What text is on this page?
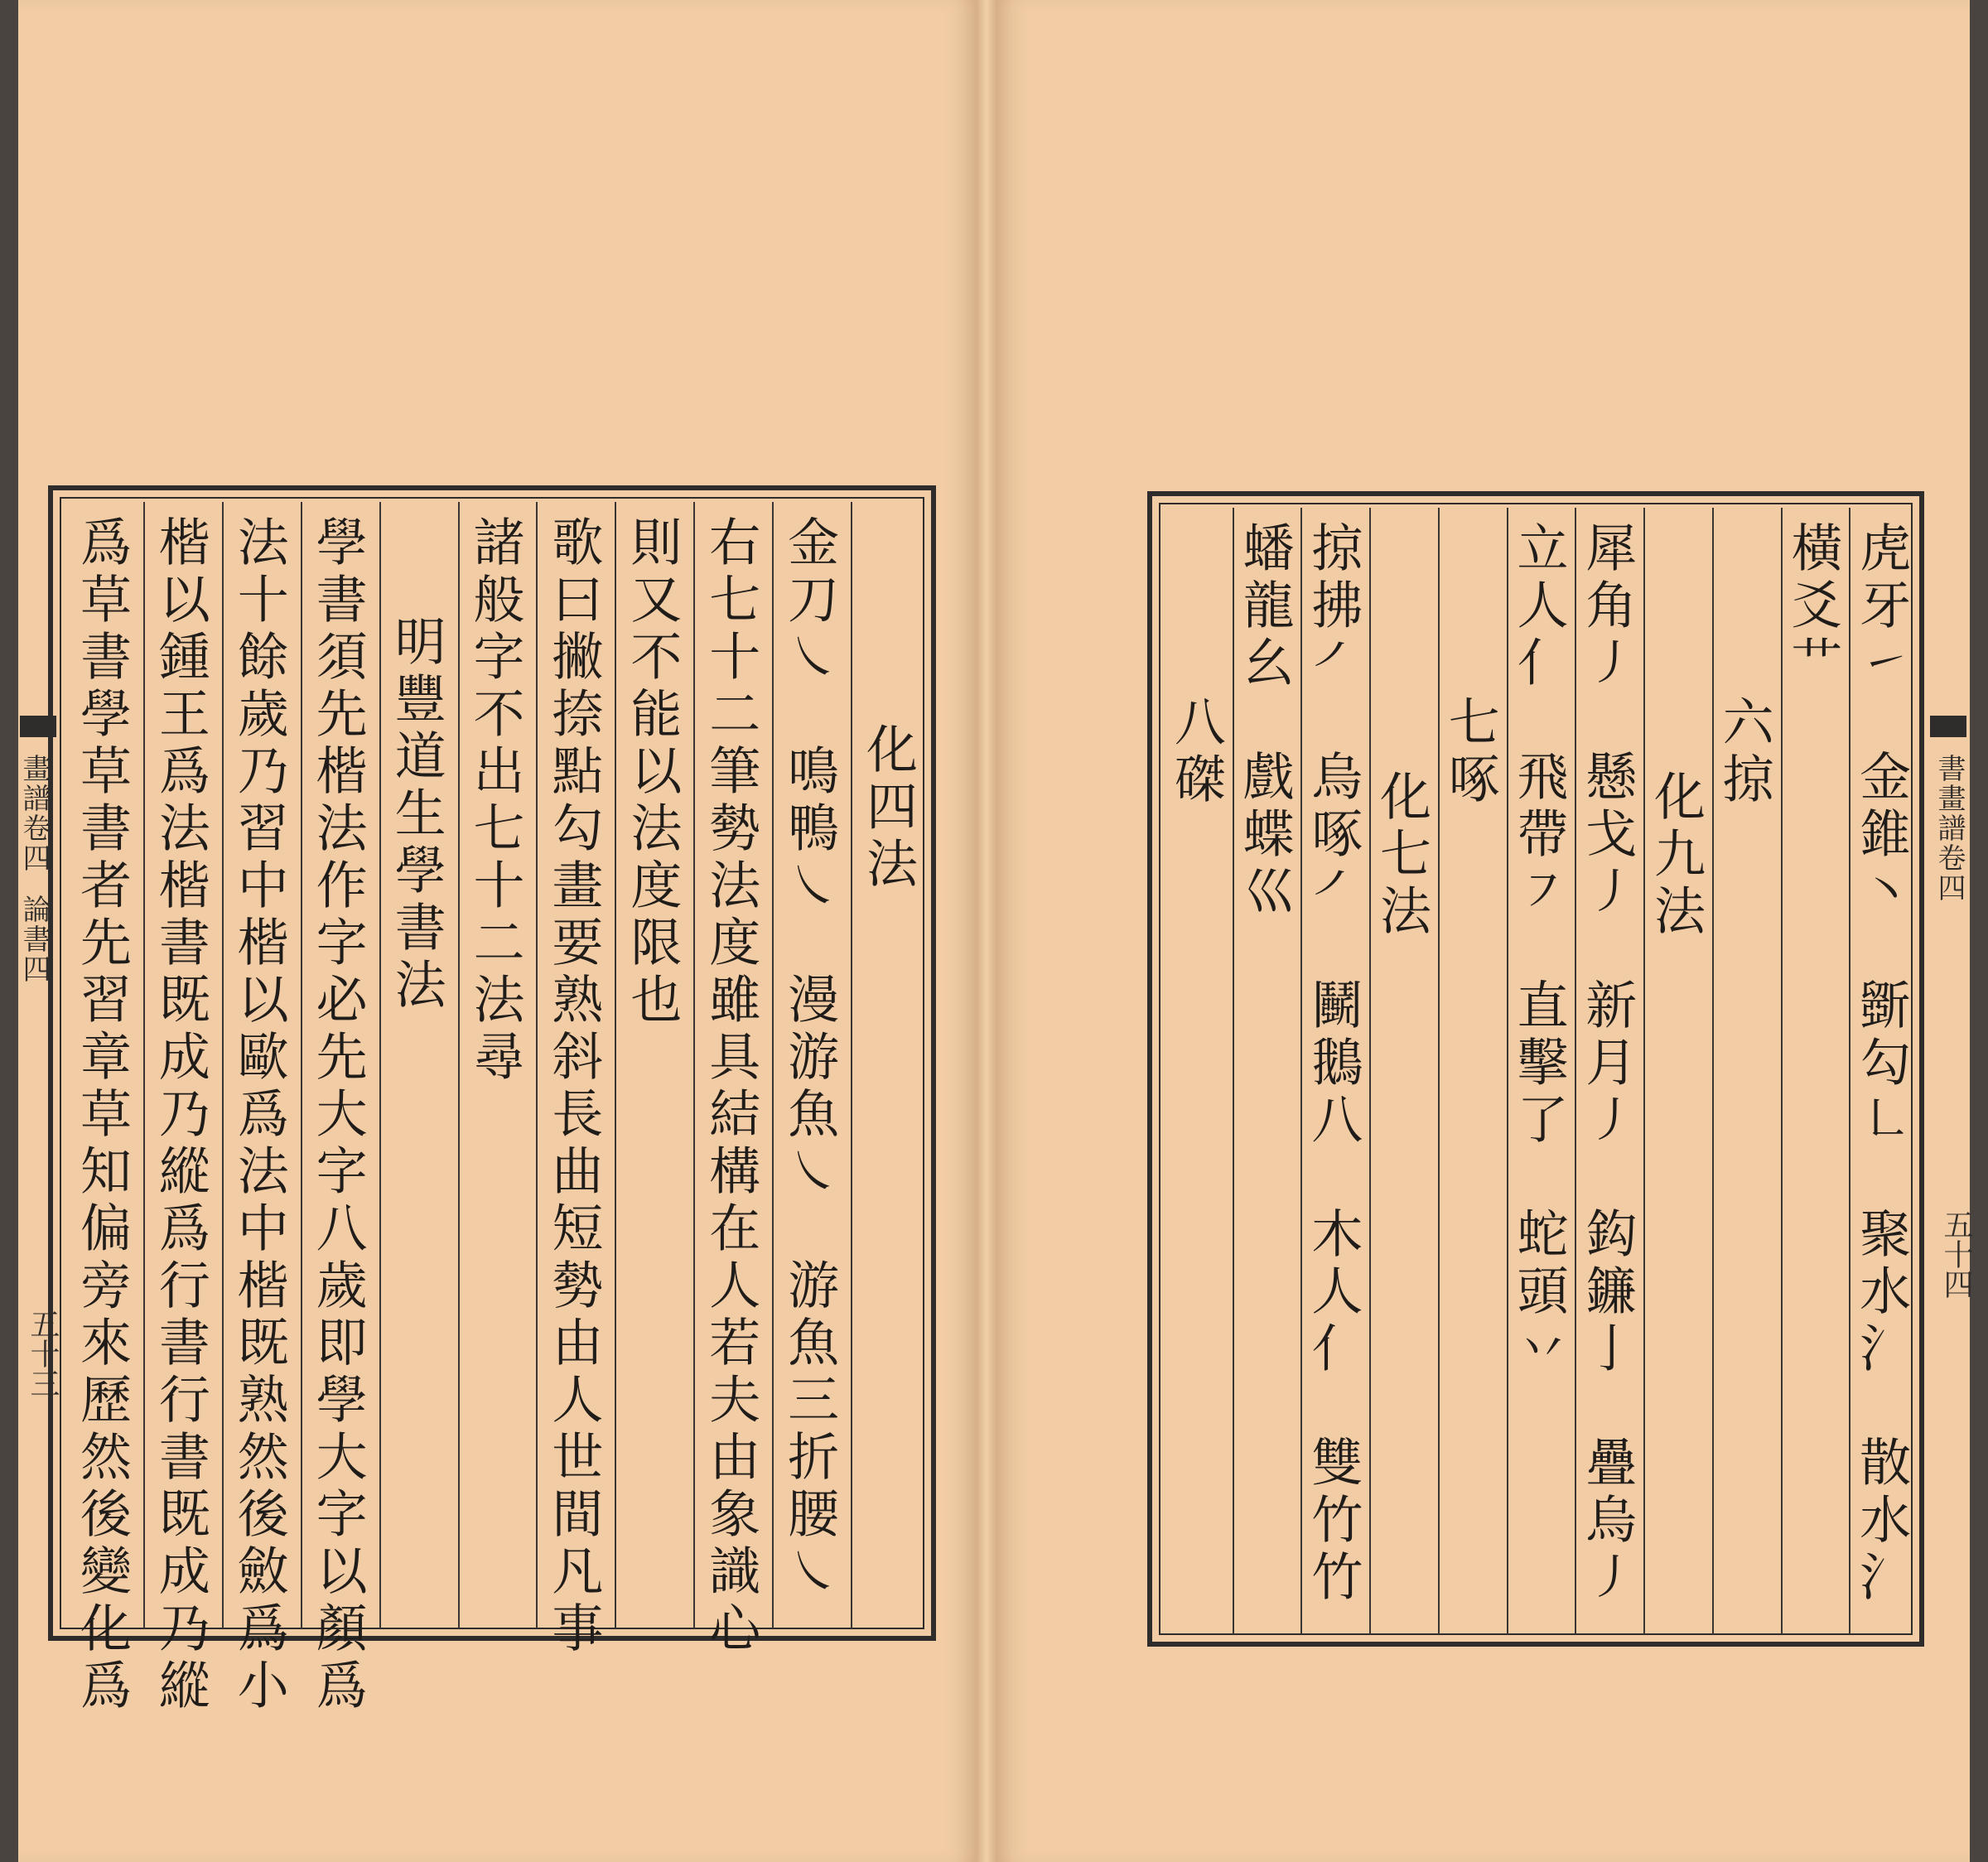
化四法
金刀㇏　鳴鴨㇏　漫游魚㇏　游魚三折腰㇏
右七十二筆勢法度雖具結構在人若夫由象識心
則又不能以法度限也
歌曰撇捺點勾畫要熟斜長曲短勢由人世間凡事
諸般字不出七十二法尋
明豐道生學書法
學書須先楷法作字必先大字八歲即學大字以顏爲
法十餘歲乃習中楷以歐爲法中楷既熟然後斂爲小
楷以鍾王爲法楷書既成乃縱爲行書行書既成乃縱
爲草書學草書者先習章草知偏旁來歷然後變化爲
畫譜卷四
論書四
五十三	虎牙㇀　金錐㇔　斵勾㇗　聚水氵　散水氵
橫爻艹
六掠
化九法
犀角㇓　懸戈㇓　新月㇓　鈎鐮亅　疊烏㇓
立人亻　飛帶㇇　直擊了　蛇頭丷
七啄
化七法
掠拂㇒　烏啄㇒　鬭鵝八　木人亻　雙竹竹
蟠龍幺　戲蝶巛
八磔
書畫譜卷四
五十四
